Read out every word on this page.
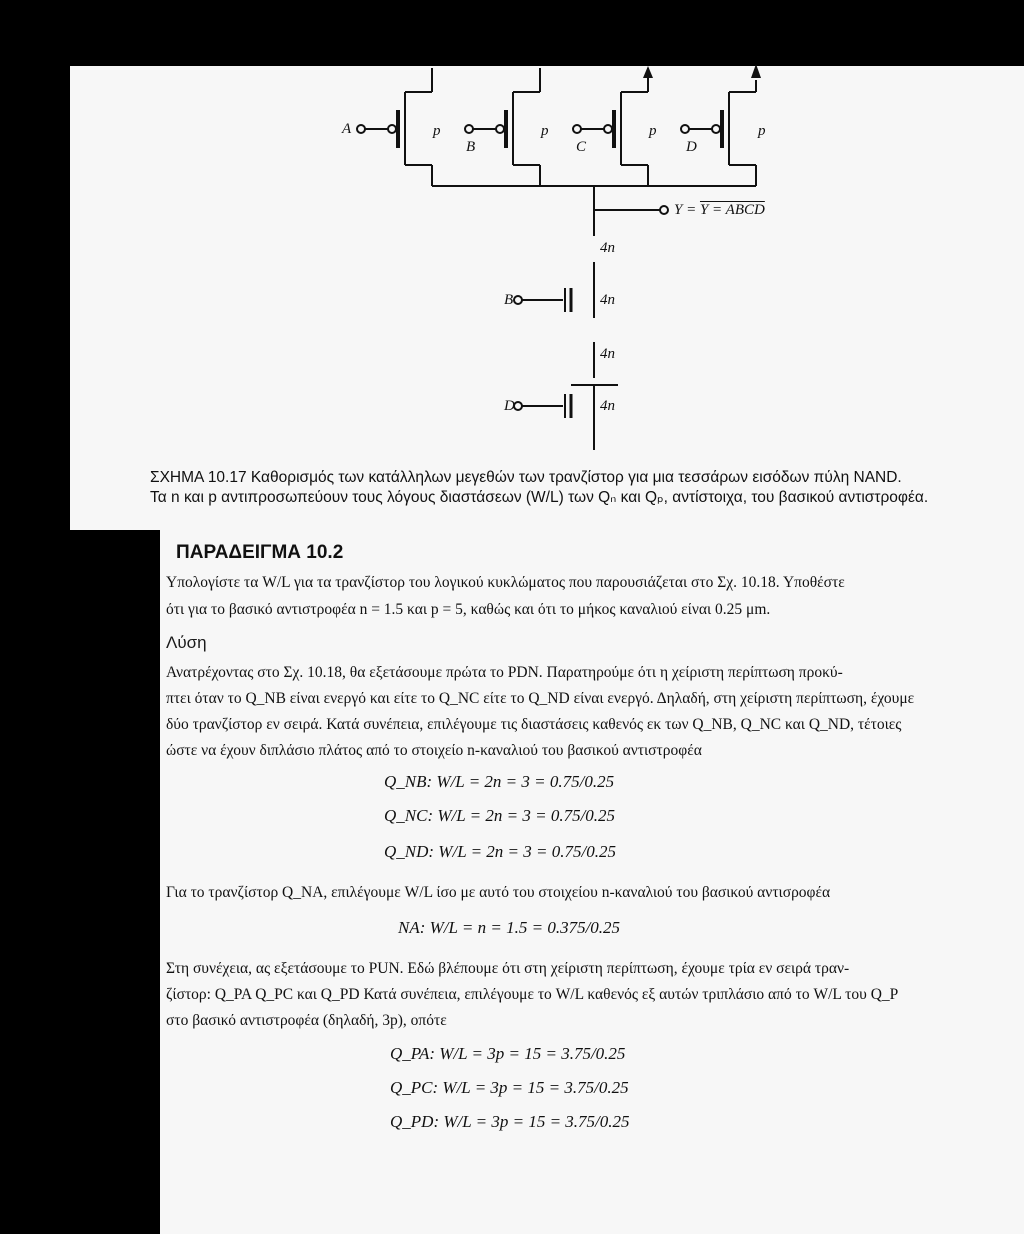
A	p
B
p
C
p
D
p
Y = Y = ABCD
4n
B	4n
4n
D	4n
ΣΧΗΜΑ 10.17 Καθορισμός των κατάλληλων μεγεθών των τρανζίστορ για μια τεσσάρων εισόδων πύλη NAND.
Τα n και p αντιπροσωπεύουν τους λόγους διαστάσεων (W/L) των Qₙ και Qₚ, αντίστοιχα, του βασικού αντιστροφέα.
ΠΑΡΑΔΕΙΓΜΑ 10.2
Υπολογίστε τα W/L για τα τρανζίστορ του λογικού κυκλώματος που παρουσιάζεται στο Σχ. 10.18. Υποθέστε
ότι για το βασικό αντιστροφέα n = 1.5 και p = 5, καθώς και ότι το μήκος καναλιού είναι 0.25 μm.
Λύση
Ανατρέχοντας στο Σχ. 10.18, θα εξετάσουμε πρώτα το PDN. Παρατηρούμε ότι η χείριστη περίπτωση προκύ-
πτει όταν το Q_NB είναι ενεργό και είτε το Q_NC είτε το Q_ND είναι ενεργό. Δηλαδή, στη χείριστη περίπτωση, έχουμε
δύο τρανζίστορ εν σειρά. Κατά συνέπεια, επιλέγουμε τις διαστάσεις καθενός εκ των Q_NB, Q_NC και Q_ND, τέτοιες
ώστε να έχουν διπλάσιο πλάτος από το στοιχείο n-καναλιού του βασικού αντιστροφέα
Q_NB: W/L = 2n = 3 = 0.75/0.25
Q_NC: W/L = 2n = 3 = 0.75/0.25
Q_ND: W/L = 2n = 3 = 0.75/0.25
Για το τρανζίστορ Q_NA, επιλέγουμε W/L ίσο με αυτό του στοιχείου n-καναλιού του βασικού αντισροφέα
NA: W/L = n = 1.5 = 0.375/0.25
Στη συνέχεια, ας εξετάσουμε το PUN. Εδώ βλέπουμε ότι στη χείριστη περίπτωση, έχουμε τρία εν σειρά τραν-
ζίστορ: Q_PA Q_PC και Q_PD Κατά συνέπεια, επιλέγουμε το W/L καθενός εξ αυτών τριπλάσιο από το W/L του Q_P
στο βασικό αντιστροφέα (δηλαδή, 3p), οπότε
Q_PA: W/L = 3p = 15 = 3.75/0.25
Q_PC: W/L = 3p = 15 = 3.75/0.25
Q_PD: W/L = 3p = 15 = 3.75/0.25
